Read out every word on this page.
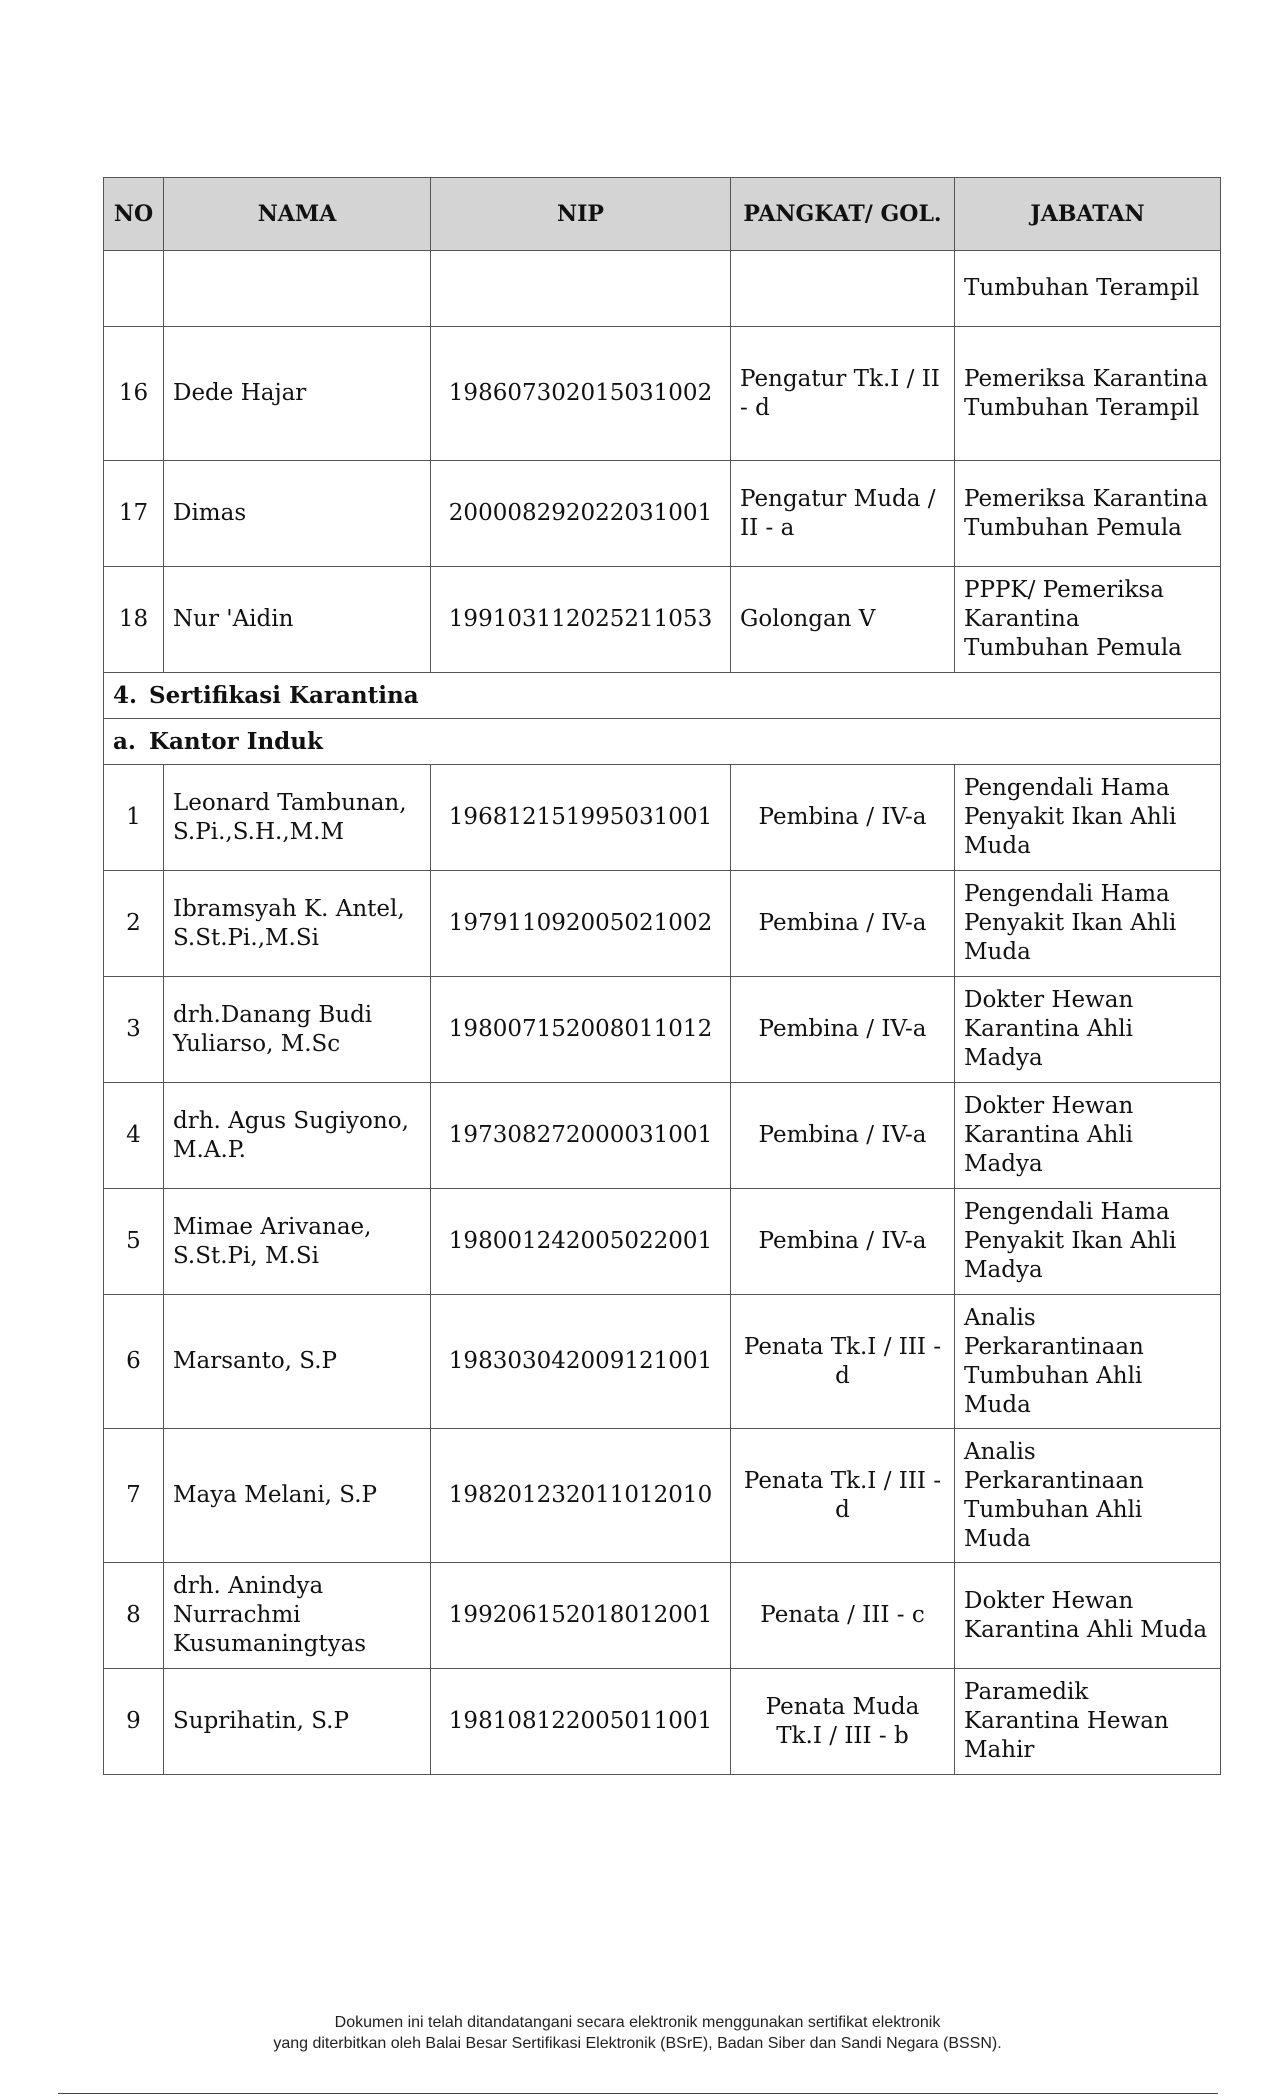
NO	NAMA	NIP	PANGKAT/ GOL.	JABATAN
				Tumbuhan Terampil
16	Dede Hajar	198607302015031002	Pengatur Tk.I / II - d	Pemeriksa Karantina Tumbuhan Terampil
17	Dimas	200008292022031001	Pengatur Muda / II - a	Pemeriksa Karantina Tumbuhan Pemula
18	Nur 'Aidin	199103112025211053	Golongan V	PPPK/ Pemeriksa Karantina Tumbuhan Pemula
4. Sertifikasi Karantina				
a. Kantor Induk				
1	Leonard Tambunan, S.Pi.,S.H.,M.M	196812151995031001	Pembina / IV-a	Pengendali Hama Penyakit Ikan Ahli Muda
2	Ibramsyah K. Antel, S.St.Pi.,M.Si	197911092005021002	Pembina / IV-a	Pengendali Hama Penyakit Ikan Ahli Muda
3	drh.Danang Budi Yuliarso, M.Sc	198007152008011012	Pembina / IV-a	Dokter Hewan Karantina Ahli Madya
4	drh. Agus Sugiyono, M.A.P.	197308272000031001	Pembina / IV-a	Dokter Hewan Karantina Ahli Madya
5	Mimae Arivanae, S.St.Pi, M.Si	198001242005022001	Pembina / IV-a	Pengendali Hama Penyakit Ikan Ahli Madya
6	Marsanto, S.P	198303042009121001	Penata Tk.I / III - d	Analis Perkarantinaan Tumbuhan Ahli Muda
7	Maya Melani, S.P	198201232011012010	Penata Tk.I / III - d	Analis Perkarantinaan Tumbuhan Ahli Muda
8	drh. Anindya Nurrachmi Kusumaningtyas	199206152018012001	Penata / III - c	Dokter Hewan Karantina Ahli Muda
9	Suprihatin, S.P	198108122005011001	Penata Muda Tk.I / III - b	Paramedik Karantina Hewan Mahir
Dokumen ini telah ditandatangani secara elektronik menggunakan sertifikat elektronik
yang diterbitkan oleh Balai Besar Sertifikasi Elektronik (BSrE), Badan Siber dan Sandi Negara (BSSN).
